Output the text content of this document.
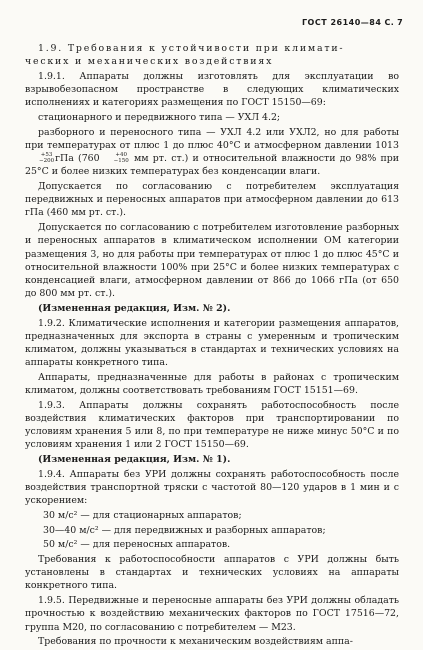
ГОСТ 26140—84 С. 7

1.9. Требования к устойчивости при климати-
ческих и механических воздействиях

1.9.1. Аппараты должны изготовлять для эксплуатации во взрывобезопасном пространстве в следующих климатических исполнениях и категориях размещения по ГОСТ 15150—69:

стационарного и передвижного типа — УХЛ 4.2;

разборного и переносного типа — УХЛ 4.2 или УХЛ2, но для работы при температурах от плюс 1 до плюс 40°С и атмосферном давлении 1013
+53
−200 гПа (760	+40
−150 мм рт. ст.) и относительной влажности до 98% при 25°С и более низких температурах без конденсации влаги.

Допускается по согласованию с потребителем эксплуатация передвижных и переносных аппаратов при атмосферном давлении до 613 гПа (460 мм рт. ст.).

Допускается по согласованию с потребителем изготовление разборных и переносных аппаратов в климатическом исполнении ОМ категории размещения 3, но для работы при температурах от плюс 1 до плюс 45°С и относительной влажности 100% при 25°С и более низких температурах с конденсацией влаги, атмосферном давлении от 866 до 1066 гПа (от 650 до 800 мм рт. ст.).

(Измененная редакция, Изм. № 2).

1.9.2. Климатические исполнения и категории размещения аппаратов, предназначенных для экспорта в страны с умеренным и тропическим климатом, должны указываться в стандартах и технических условиях на аппараты конкретного типа.

Аппараты, предназначенные для работы в районах с тропическим климатом, должны соответствовать требованиям ГОСТ 15151—69.

1.9.3. Аппараты должны сохранять работоспособность после воздействия климатических факторов при транспортировании по условиям хранения 5 или 8, по при температуре не ниже минус 50°С и по условиям хранения 1 или 2 ГОСТ 15150—69.

(Измененная редакция, Изм. № 1).

1.9.4. Аппараты без УРИ должны сохранять работоспособность после воздействия транспортной тряски с частотой 80—120 ударов в 1 мин и с ускорением:

30 м/с² — для стационарных аппаратов;

30—40 м/с² — для передвижных и разборных аппаратов;

50 м/с² — для переносных аппаратов.

Требования к работоспособности аппаратов с УРИ должны быть установлены в стандартах и технических условиях на аппараты конкретного типа.

1.9.5. Передвижные и переносные аппараты без УРИ должны обладать прочностью к воздействию механических факторов по ГОСТ 17516—72, группа М20, по согласованию с потребителем — М23.

Требования по прочности к механическим воздействиям аппа-
